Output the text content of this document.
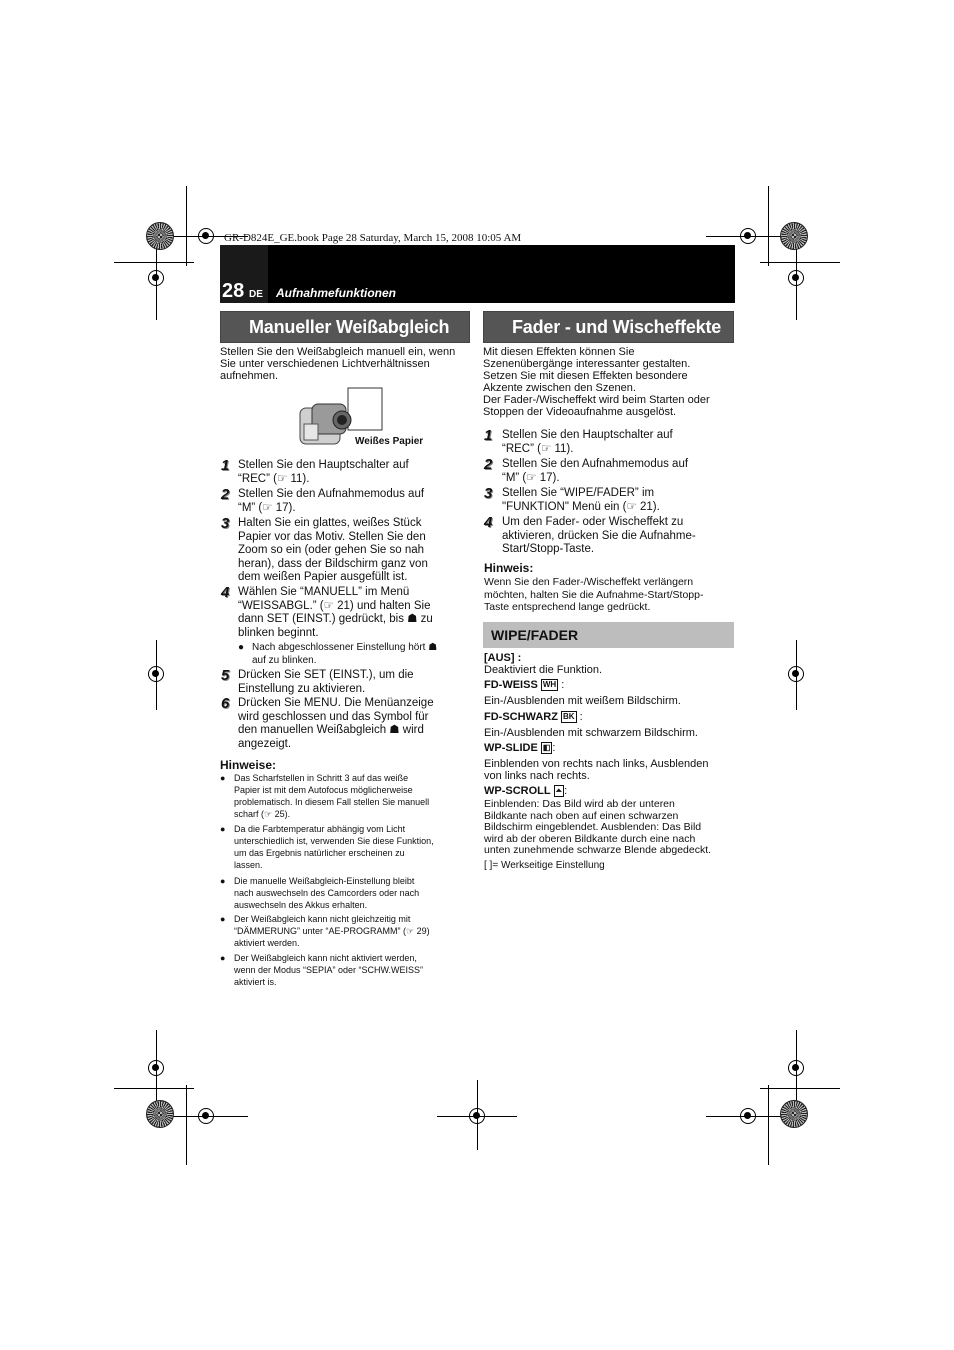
GR-D824E_GE.book Page 28 Saturday, March 15, 2008 10:05 AM
28 DE Aufnahmefunktionen
Manueller Weißabgleich
Stellen Sie den Weißabgleich manuell ein, wenn
Sie unter verschiedenen Lichtverhältnissen
aufnehmen.
Weißes Papier
1 Stellen Sie den Hauptschalter auf
“REC” (☞ 11).
2 Stellen Sie den Aufnahmemodus auf
“M” (☞ 17).
3 Halten Sie ein glattes, weißes Stück
Papier vor das Motiv. Stellen Sie den
Zoom so ein (oder gehen Sie so nah
heran), dass der Bildschirm ganz von
dem weißen Papier ausgefüllt ist.
4 Wählen Sie “MANUELL” im Menü
“WEISSABGL.” (☞ 21) und halten Sie
dann SET (EINST.) gedrückt, bis ☗ zu
blinken beginnt.
● Nach abgeschlossener Einstellung hört ☗
auf zu blinken.
5 Drücken Sie SET (EINST.), um die
Einstellung zu aktivieren.
6 Drücken Sie MENU. Die Menüanzeige
wird geschlossen und das Symbol für
den manuellen Weißabgleich ☗ wird
angezeigt.
Hinweise:
● Das Scharfstellen in Schritt 3 auf das weiße
Papier ist mit dem Autofocus möglicherweise
problematisch. In diesem Fall stellen Sie manuell
scharf (☞ 25).
● Da die Farbtemperatur abhängig vom Licht
unterschiedlich ist, verwenden Sie diese Funktion,
um das Ergebnis natürlicher erscheinen zu
lassen.
● Die manuelle Weißabgleich-Einstellung bleibt
nach auswechseln des Camcorders oder nach
auswechseln des Akkus erhalten.
● Der Weißabgleich kann nicht gleichzeitig mit
“DÄMMERUNG” unter “AE-PROGRAMM” (☞ 29)
aktiviert werden.
● Der Weißabgleich kann nicht aktiviert werden,
wenn der Modus “SEPIA” oder “SCHW.WEISS”
aktiviert is.
Fader - und Wischeffekte
Mit diesen Effekten können Sie
Szenenübergänge interessanter gestalten.
Setzen Sie mit diesen Effekten besondere
Akzente zwischen den Szenen.
Der Fader-/Wischeffekt wird beim Starten oder
Stoppen der Videoaufnahme ausgelöst.
1 Stellen Sie den Hauptschalter auf
“REC” (☞ 11).
2 Stellen Sie den Aufnahmemodus auf
“M” (☞ 17).
3 Stellen Sie “WIPE/FADER” im
"FUNKTION" Menü ein (☞ 21).
4 Um den Fader- oder Wischeffekt zu
aktivieren, drücken Sie die Aufnahme-
Start/Stopp-Taste.
Hinweis:
Wenn Sie den Fader-/Wischeffekt verlängern
möchten, halten Sie die Aufnahme-Start/Stopp-
Taste entsprechend lange gedrückt.
WIPE/FADER
[AUS] :
Deaktiviert die Funktion.
FD-WEISS WH :
Ein-/Ausblenden mit weißem Bildschirm.
FD-SCHWARZ BK :
Ein-/Ausblenden mit schwarzem Bildschirm.
WP-SLIDE ◧ :
Einblenden von rechts nach links, Ausblenden
von links nach rechts.
WP-SCROLL ⏶ :
Einblenden: Das Bild wird ab der unteren
Bildkante nach oben auf einen schwarzen
Bildschirm eingeblendet. Ausblenden: Das Bild
wird ab der oberen Bildkante durch eine nach
unten zunehmende schwarze Blende abgedeckt.
[ ]= Werkseitige Einstellung
